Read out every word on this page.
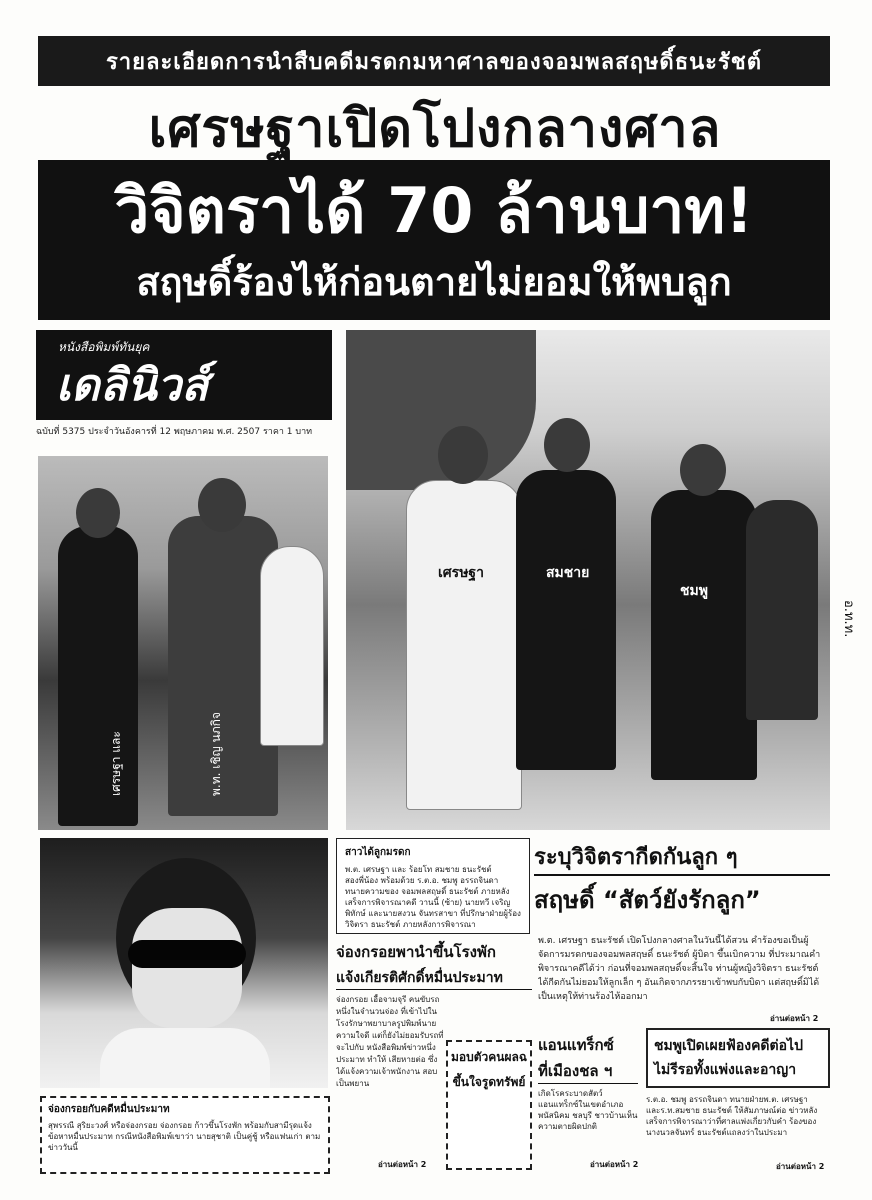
รายละเอียดการนำสืบคดีมรดกมหาศาลของจอมพลสฤษดิ์ธนะรัชต์
เศรษฐาเปิดโปงกลางศาล
วิจิตราได้ 70 ล้านบาท!
สฤษดิ์ร้องไห้ก่อนตายไม่ยอมให้พบลูก
หนังสือพิมพ์ทันยุค
เดลินิวส์
ฉบับที่ 5375 ประจำวันอังคารที่ 12 พฤษภาคม พ.ศ. 2507 ราคา 1 บาท
เศรษฐา และ	พ.ท. เชิญ นภกิจ
เศรษฐา	สมชาย
ชมพู
อ.ท.ท.
สาวได้ลูกมรดก
พ.ต. เศรษฐา และ ร้อยโท สมชาย ธนะรัชต์ สองพี่น้อง พร้อมด้วย ร.ต.อ. ชมพู อรรถจินดา ทนายความของ จอมพลสฤษดิ์ ธนะรัชต์ ภายหลังเสร็จการพิจารณาคดี วานนี้ (ซ้าย) นายทวี เจริญพิทักษ์ และนายสงวน จันทรสาขา ที่ปรึกษาฝ่ายผู้ร้อง วิจิตรา ธนะรัชต์ ภายหลังการพิจารณา
ระบุวิจิตรากีดกันลูก ๆ
สฤษดิ์ “สัตว์ยังรักลูก”
พ.ต. เศรษฐา ธนะรัชต์ เปิดโปงกลางศาลในวันนี้ได้สวน คำร้องขอเป็นผู้จัดการมรดกของจอมพลสฤษดิ์ ธนะรัชต์ ผู้บิดา ขึ้นเบิกความ ที่ประมาณคำพิจารณาคดีได้ว่า ก่อนที่จอมพลสฤษดิ์จะสิ้นใจ ท่านผู้หญิงวิจิตรา ธนะรัชต์ ได้กีดกันไม่ยอมให้ลูกเล็ก ๆ อันเกิดจากภรรยาเข้าพบกับบิดา แต่สฤษดิ์มิได้ เป็นเหตุให้ท่านร้องไห้ออกมา
อ่านต่อหน้า 2
จ่องกรอยพานำขึ้นโรงพัก
แจ้งเกียรติศักดิ์หมื่นประมาท
จ่องกรอย เอื้อจามจุรี คนขับรถ หนึ่งในจำนวนจ่อง ที่เข้าไปในโรงรักษาพยาบาลรูปพิมพ์นาย ความใจดี แต่ก็ยังไม่ยอมรับรถที่จะไปกับ หนังสือพิมพ์ข่าวหนึ่งประมาท ทำให้ เสียหายต่อ ซึ่งได้แจ้งความเจ้าพนักงาน สอบเป็นพยาน
มอบตัวคนผลฉ
ขึ้นใจรูดทรัพย์
แอนแทร็กซ์
ที่เมืองชล ฯ
เกิดโรคระบาดสัตว์ แอนแทร็กซ์ในเขตอำเภอ พนัสนิคม ชลบุรี ชาวบ้านเห็นความตายผิดปกติ
อ่านต่อหน้า 2
ชมพูเปิดเผยฟ้องคดีต่อไป
ไม่รีรอทั้งแพ่งและอาญา
ร.ต.อ. ชมพู อรรถจินดา ทนายฝ่ายพ.ต. เศรษฐา และร.ท.สมชาย ธนะรัชต์ ให้สัมภาษณ์ต่อ ข่าวหลังเสร็จการพิจารณาว่าที่ศาลแพ่งเกี่ยวกับคำ ร้องของนางนวลจันทร์ ธนะรัชต์แถลงว่าในประมา
อ่านต่อหน้า 2
จ่องกรอยกับคดีหมื่นประมาท
สุพรรณี สุริยะวงศ์ หรือจ่องกรอย จ่องกรอย ก้าวขึ้นโรงพัก พร้อมกับสามีรุดแจ้งข้อหาหมื่นประมาท กรณีหนังสือพิมพ์เขาว่า นายสุชาติ เป็นคู่ชู้ หรือแฟนเก่า ตามข่าววันนี้
อ่านต่อหน้า 2
